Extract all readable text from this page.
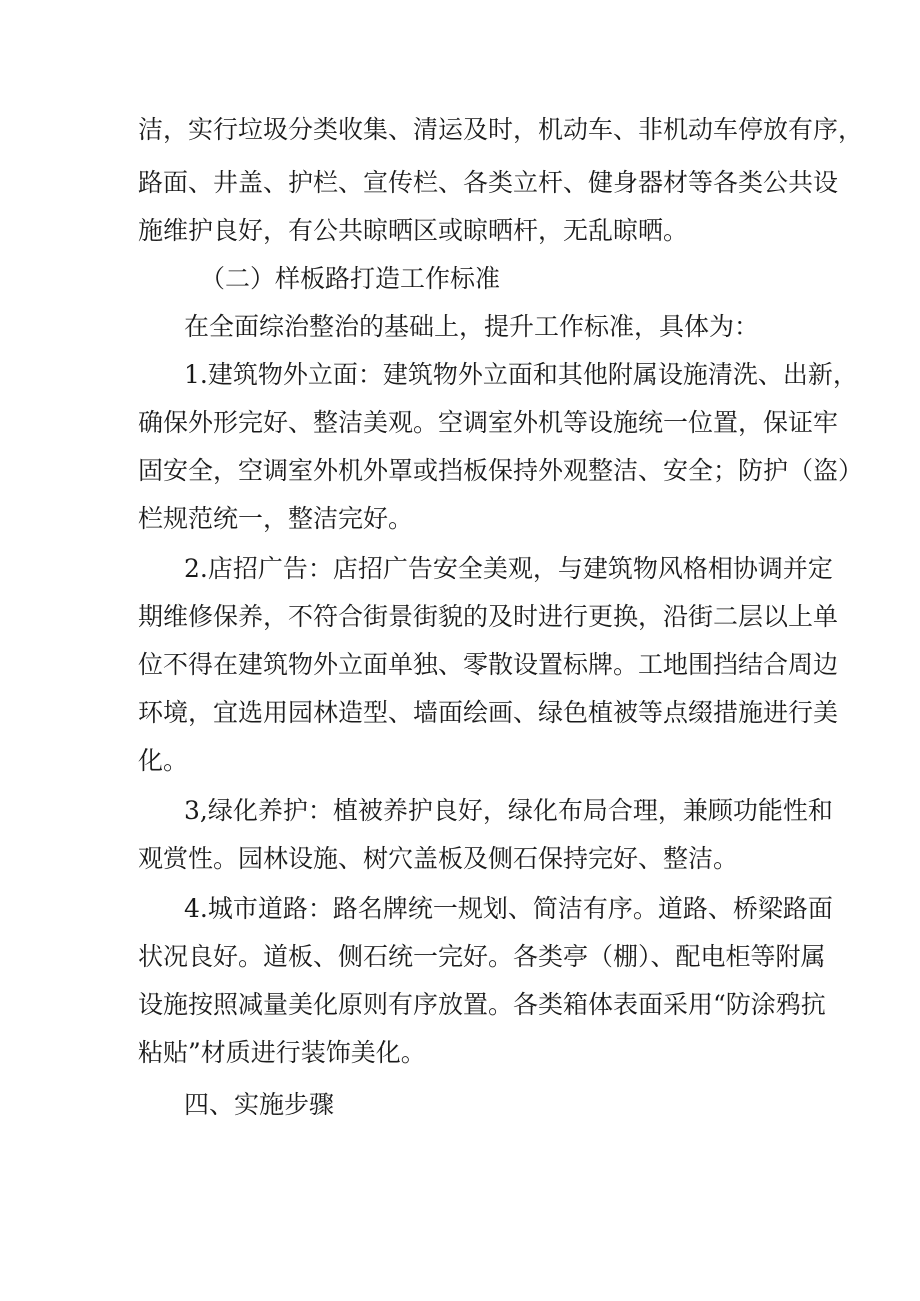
洁，实行垃圾分类收集、清运及时，机动车、非机动车停放有序，
路面、井盖、护栏、宣传栏、各类立杆、健身器材等各类公共设
施维护良好，有公共晾晒区或晾晒杆，无乱晾晒。
（二）样板路打造工作标准
在全面综治整治的基础上，提升工作标准，具体为：
1.建筑物外立面：建筑物外立面和其他附属设施清洗、出新，
确保外形完好、整洁美观。空调室外机等设施统一位置，保证牢
固安全，空调室外机外罩或挡板保持外观整洁、安全；防护（盗）
栏规范统一，整洁完好。
2.店招广告：店招广告安全美观，与建筑物风格相协调并定
期维修保养，不符合街景街貌的及时进行更换，沿街二层以上单
位不得在建筑物外立面单独、零散设置标牌。工地围挡结合周边
环境，宜选用园林造型、墙面绘画、绿色植被等点缀措施进行美
化。
3,绿化养护：植被养护良好，绿化布局合理，兼顾功能性和
观赏性。园林设施、树穴盖板及侧石保持完好、整洁。
4.城市道路：路名牌统一规划、简洁有序。道路、桥梁路面
状况良好。道板、侧石统一完好。各类亭（棚）、配电柜等附属
设施按照减量美化原则有序放置。各类箱体表面采用“防涂鸦抗
粘贴”材质进行装饰美化。
四、实施步骤
